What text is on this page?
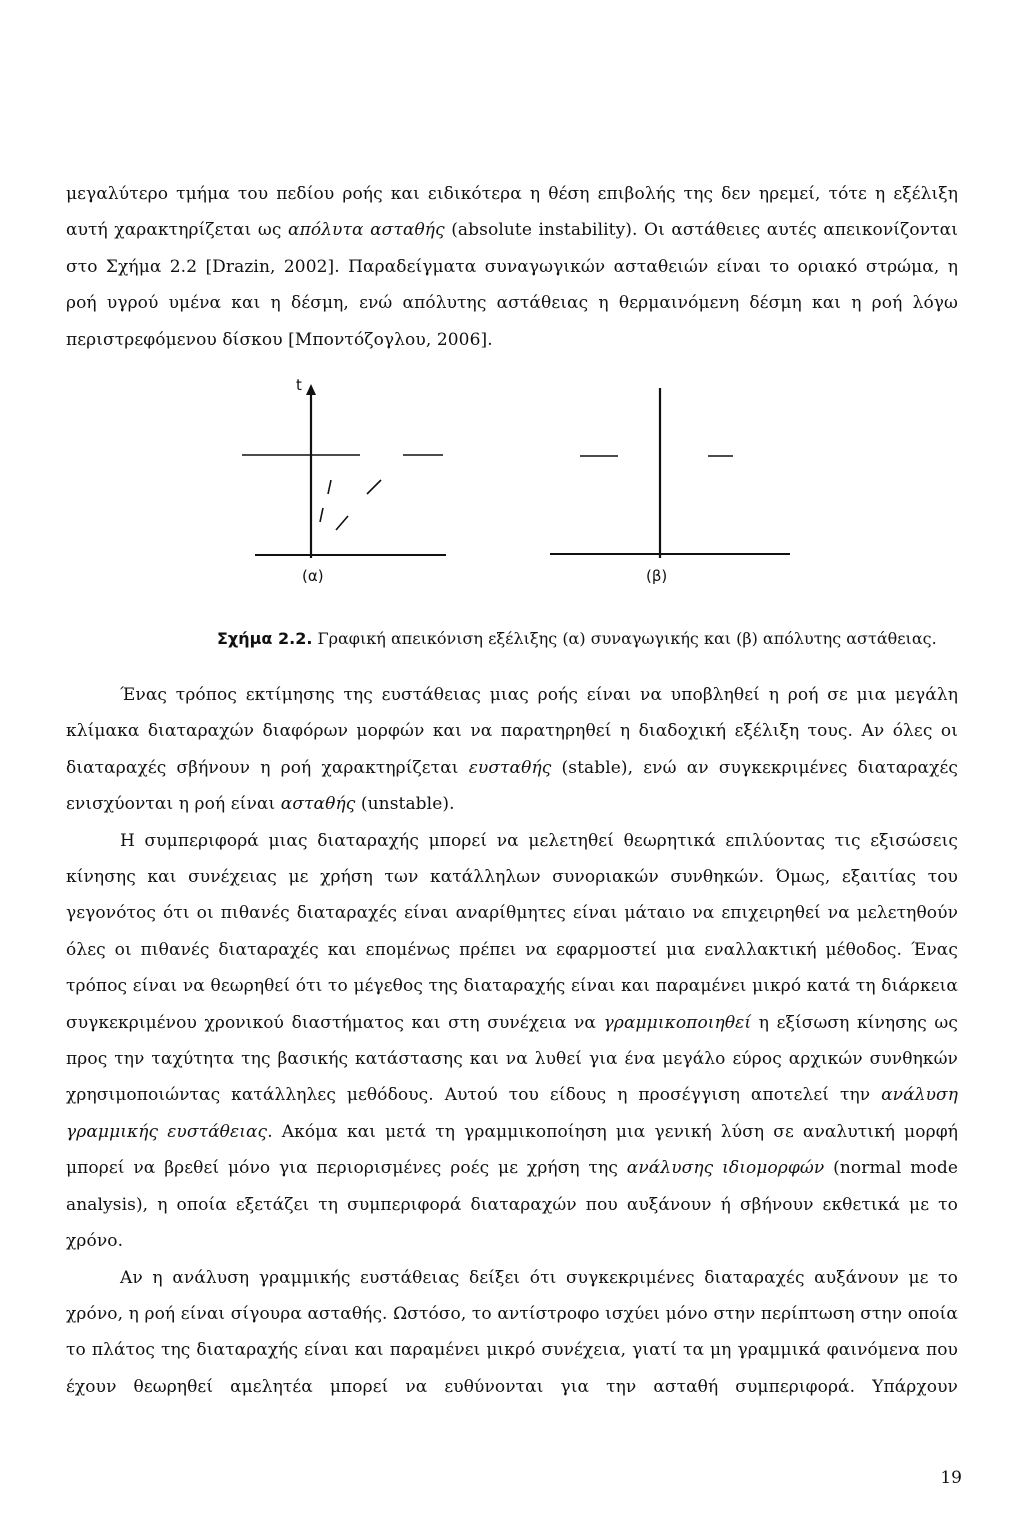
μεγαλύτερο τμήμα του πεδίου ροής και ειδικότερα η θέση επιβολής της δεν ηρεμεί, τότε η εξέλιξη αυτή χαρακτηρίζεται ως απόλυτα ασταθής (absolute instability). Οι αστάθειες αυτές απεικονίζονται στο Σχήμα 2.2 [Drazin, 2002]. Παραδείγματα συναγωγικών ασταθειών είναι το οριακό στρώμα, η ροή υγρού υμένα και η δέσμη, ενώ απόλυτης αστάθειας η θερμαινόμενη δέσμη και η ροή λόγω περιστρεφόμενου δίσκου [Μποντόζογλου, 2006].

t
(α)	(β)
Σχήμα 2.2. Γραφική απεικόνιση εξέλιξης (α) συναγωγικής και (β) απόλυτης αστάθειας.

Ένας τρόπος εκτίμησης της ευστάθειας μιας ροής είναι να υποβληθεί η ροή σε μια μεγάλη κλίμακα διαταραχών διαφόρων μορφών και να παρατηρηθεί η διαδοχική εξέλιξη τους. Αν όλες οι διαταραχές σβήνουν η ροή χαρακτηρίζεται ευσταθής (stable), ενώ αν συγκεκριμένες διαταραχές ενισχύονται η ροή είναι ασταθής (unstable).

Η συμπεριφορά μιας διαταραχής μπορεί να μελετηθεί θεωρητικά επιλύοντας τις εξισώσεις κίνησης και συνέχειας με χρήση των κατάλληλων συνοριακών συνθηκών. Όμως, εξαιτίας του γεγονότος ότι οι πιθανές διαταραχές είναι αναρίθμητες είναι μάταιο να επιχειρηθεί να μελετηθούν όλες οι πιθανές διαταραχές και επομένως πρέπει να εφαρμοστεί μια εναλλακτική μέθοδος. Ένας τρόπος είναι να θεωρηθεί ότι το μέγεθος της διαταραχής είναι και παραμένει μικρό κατά τη διάρκεια συγκεκριμένου χρονικού διαστήματος και στη συνέχεια να γραμμικοποιηθεί η εξίσωση κίνησης ως προς την ταχύτητα της βασικής κατάστασης και να λυθεί για ένα μεγάλο εύρος αρχικών συνθηκών χρησιμοποιώντας κατάλληλες μεθόδους. Αυτού του είδους η προσέγγιση αποτελεί την ανάλυση γραμμικής ευστάθειας. Ακόμα και μετά τη γραμμικοποίηση μια γενική λύση σε αναλυτική μορφή μπορεί να βρεθεί μόνο για περιορισμένες ροές με χρήση της ανάλυσης ιδιομορφών (normal mode analysis), η οποία εξετάζει τη συμπεριφορά διαταραχών που αυξάνουν ή σβήνουν εκθετικά με το χρόνο.

Αν η ανάλυση γραμμικής ευστάθειας δείξει ότι συγκεκριμένες διαταραχές αυξάνουν με το χρόνο, η ροή είναι σίγουρα ασταθής. Ωστόσο, το αντίστροφο ισχύει μόνο στην περίπτωση στην οποία το πλάτος της διαταραχής είναι και παραμένει μικρό συνέχεια, γιατί τα μη γραμμικά φαινόμενα που έχουν θεωρηθεί αμελητέα μπορεί να ευθύνονται για την ασταθή συμπεριφορά. Υπάρχουν

19
